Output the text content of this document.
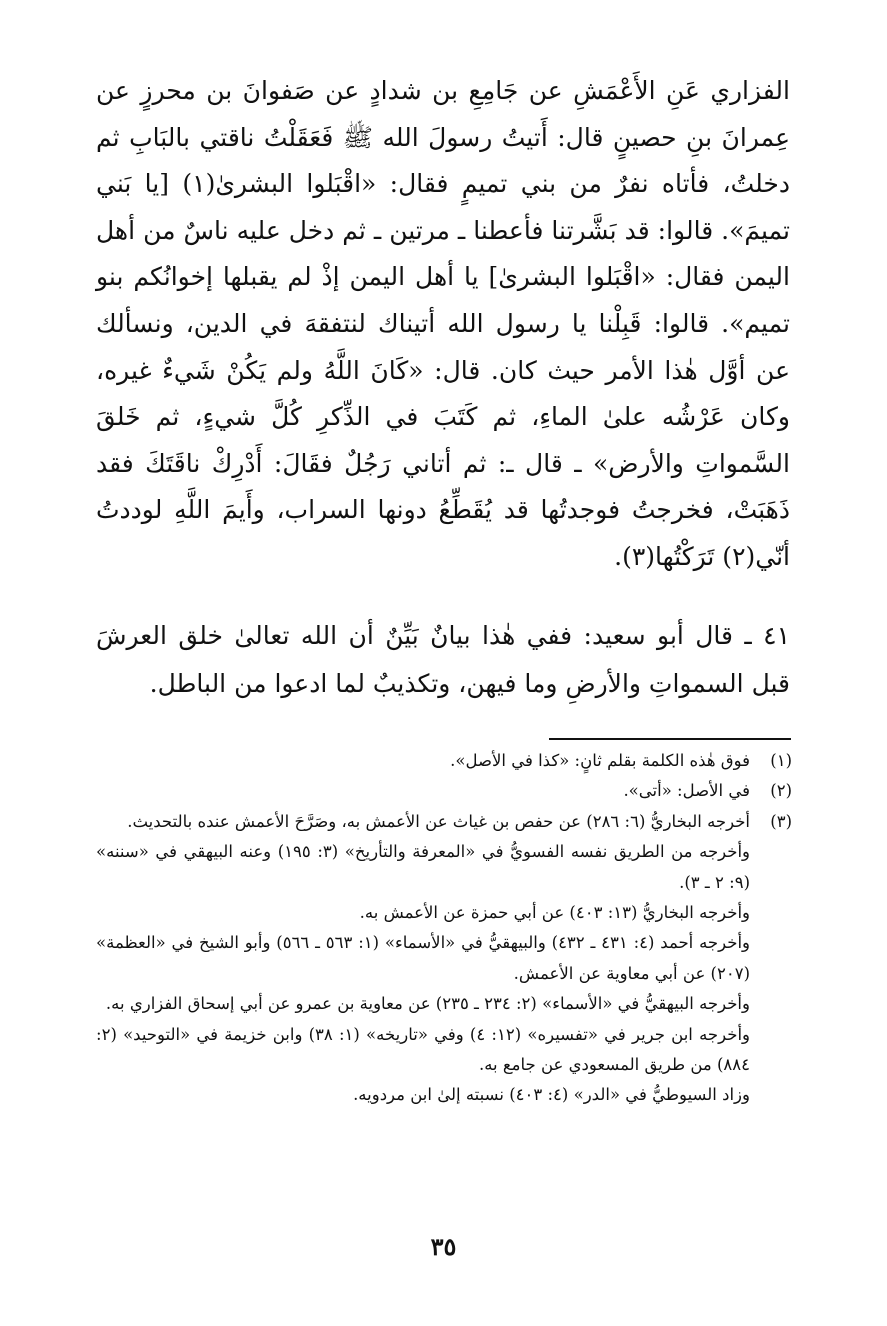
الفزاري عَنِ الأَعْمَشِ عن جَامِعِ بن شدادٍ عن صَفوانَ بن محرزٍ عن عِمرانَ بنِ حصينٍ قال: أَتيتُ رسولَ الله ﷺ فَعَقَلْتُ ناقتي بالبَابِ ثم دخلتُ، فأتاه نفرٌ من بني تميمٍ فقال: «اقْبَلوا البشرىٰ(١) [يا بَني تميمَ». قالوا: قد بَشَّرتنا فأعطنا ـ مرتين ـ ثم دخل عليه ناسٌ من أهل اليمن فقال: «اقْبَلوا البشرىٰ] يا أهل اليمن إذْ لم يقبلها إخوانُكم بنو تميم». قالوا: قَبِلْنا يا رسول الله أتيناك لنتفقهَ في الدين، ونسألك عن أوَّل هٰذا الأمر حيث كان. قال: «كَانَ اللَّهُ ولم يَكُنْ شَيءٌ غيره، وكان عَرْشُه علىٰ الماءِ، ثم كَتَبَ في الذِّكرِ كُلَّ شيءٍ، ثم خَلقَ السَّمواتِ والأرض» ـ قال ـ: ثم أتاني رَجُلٌ فقَالَ: أَدْرِكْ ناقَتَكَ فقد ذَهَبَتْ، فخرجتُ فوجدتُها قد يُقَطِّعُ دونها السراب، وأَيمَ اللَّهِ لوددتُ أنّي(٢) تَرَكْتُها(٣).

٤١ ـ قال أبو سعيد: ففي هٰذا بيانٌ بَيِّنٌ أن الله تعالىٰ خلق العرشَ قبل السمواتِ والأرضِ وما فيهن، وتكذيبٌ لما ادعوا من الباطل.

(١)

فوق هٰذه الكلمة بقلم ثانٍ: «كذا في الأصل».

(٢)

في الأصل: «أتى».

(٣)

أخرجه البخاريُّ (٦: ٢٨٦) عن حفص بن غياث عن الأعمش به، وصَرَّحَ الأعمش عنده بالتحديث.

وأخرجه من الطريق نفسه الفسويُّ في «المعرفة والتأريخ» (٣: ١٩٥) وعنه البيهقي في «سننه» (٩: ٢ ـ ٣).

وأخرجه البخاريُّ (١٣: ٤٠٣) عن أبي حمزة عن الأعمش به.

وأخرجه أحمد (٤: ٤٣١ ـ ٤٣٢) والبيهقيُّ في «الأسماء» (١: ٥٦٣ ـ ٥٦٦) وأبو الشيخ في «العظمة» (٢٠٧) عن أبي معاوية عن الأعمش.

وأخرجه البيهقيُّ في «الأسماء» (٢: ٢٣٤ ـ ٢٣٥) عن معاوية بن عمرو عن أبي إسحاق الفزاري به.

وأخرجه ابن جرير في «تفسيره» (١٢: ٤) وفي «تاريخه» (١: ٣٨) وابن خزيمة في «التوحيد» (٢: ٨٨٤) من طريق المسعودي عن جامع به.

وزاد السيوطيُّ في «الدر» (٤: ٤٠٣) نسبته إلىٰ ابن مردويه.

٣٥
